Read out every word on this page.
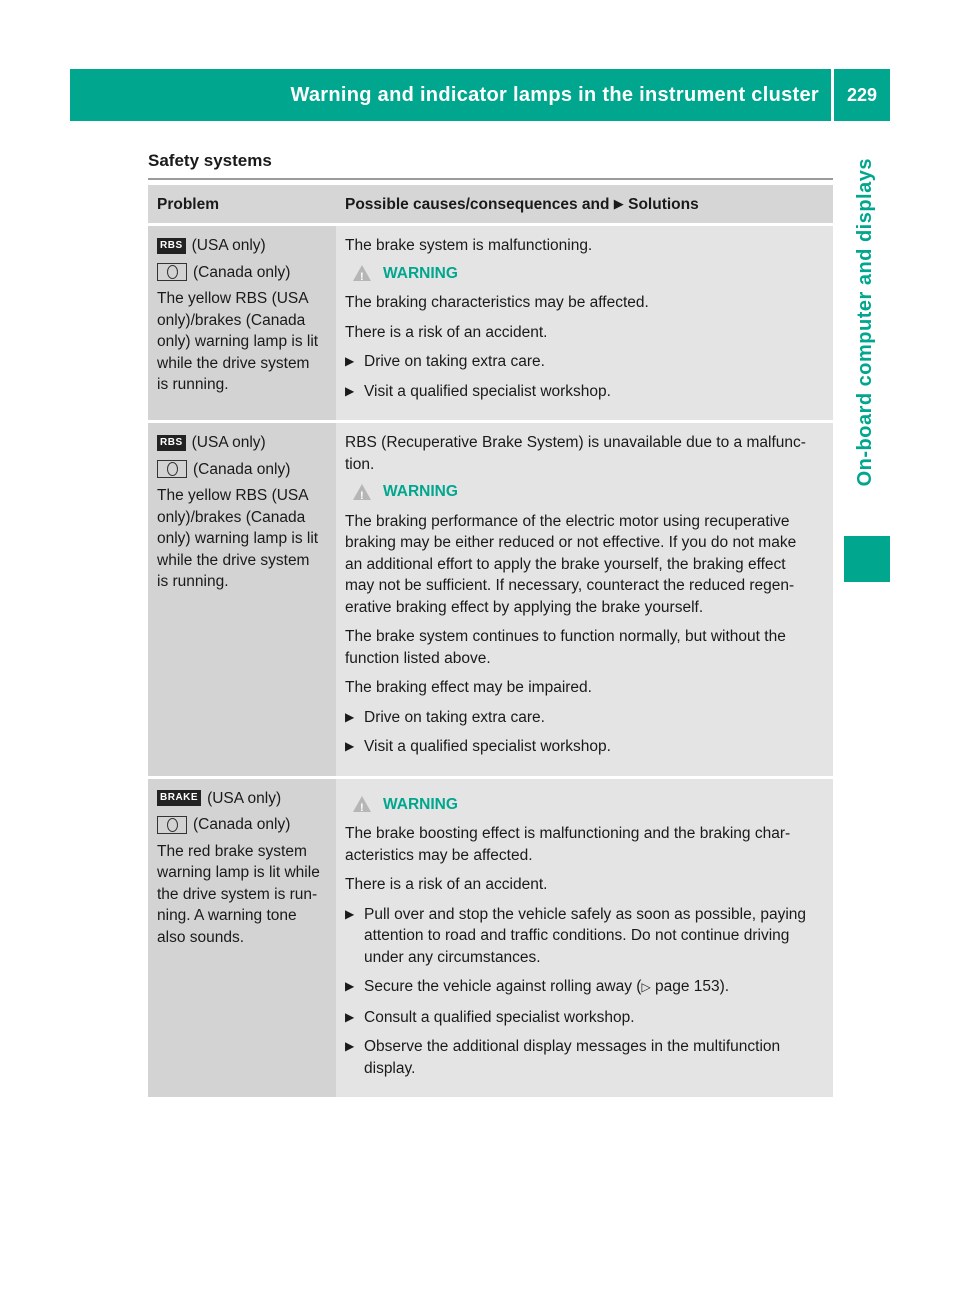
Warning and indicator lamps in the instrument cluster	229
On-board computer and displays
Safety systems
Problem	Possible causes/consequences and ▶ Solutions
RBS (USA only)
(Canada only)
The yellow RBS (USA
only)/brakes (Canada
only) warning lamp is lit
while the drive system
is running.

The brake system is malfunctioning.

!
WARNING

The braking characteristics may be affected.

There is a risk of an accident.

▶ Drive on taking extra care.
▶ Visit a qualified specialist workshop.
RBS (USA only)
(Canada only)
The yellow RBS (USA
only)/brakes (Canada
only) warning lamp is lit
while the drive system
is running.
RBS (Recuperative Brake System) is unavailable due to a malfunc-

tion.

!
WARNING
The braking performance of the electric motor using recuperative
braking may be either reduced or not effective. If you do not make
an additional effort to apply the brake yourself, the braking effect
may not be sufficient. If necessary, counteract the reduced regen-

erative braking effect by applying the brake yourself.

The brake system continues to function normally, but without the

function listed above.

The braking effect may be impaired.

▶ Drive on taking extra care.
▶ Visit a qualified specialist workshop.
BRAKE (USA only)
(Canada only)
The red brake system
warning lamp is lit while
the drive system is run-
ning. A warning tone
also sounds.
!
WARNING
The brake boosting effect is malfunctioning and the braking char-

acteristics may be affected.

There is a risk of an accident.

▶ Pull over and stop the vehicle safely as soon as possible, paying
attention to road and traffic conditions. Do not continue driving
under any circumstances.
▶ Secure the vehicle against rolling away (▷ page 153).
▶ Consult a qualified specialist workshop.
▶ Observe the additional display messages in the multifunction
display.
